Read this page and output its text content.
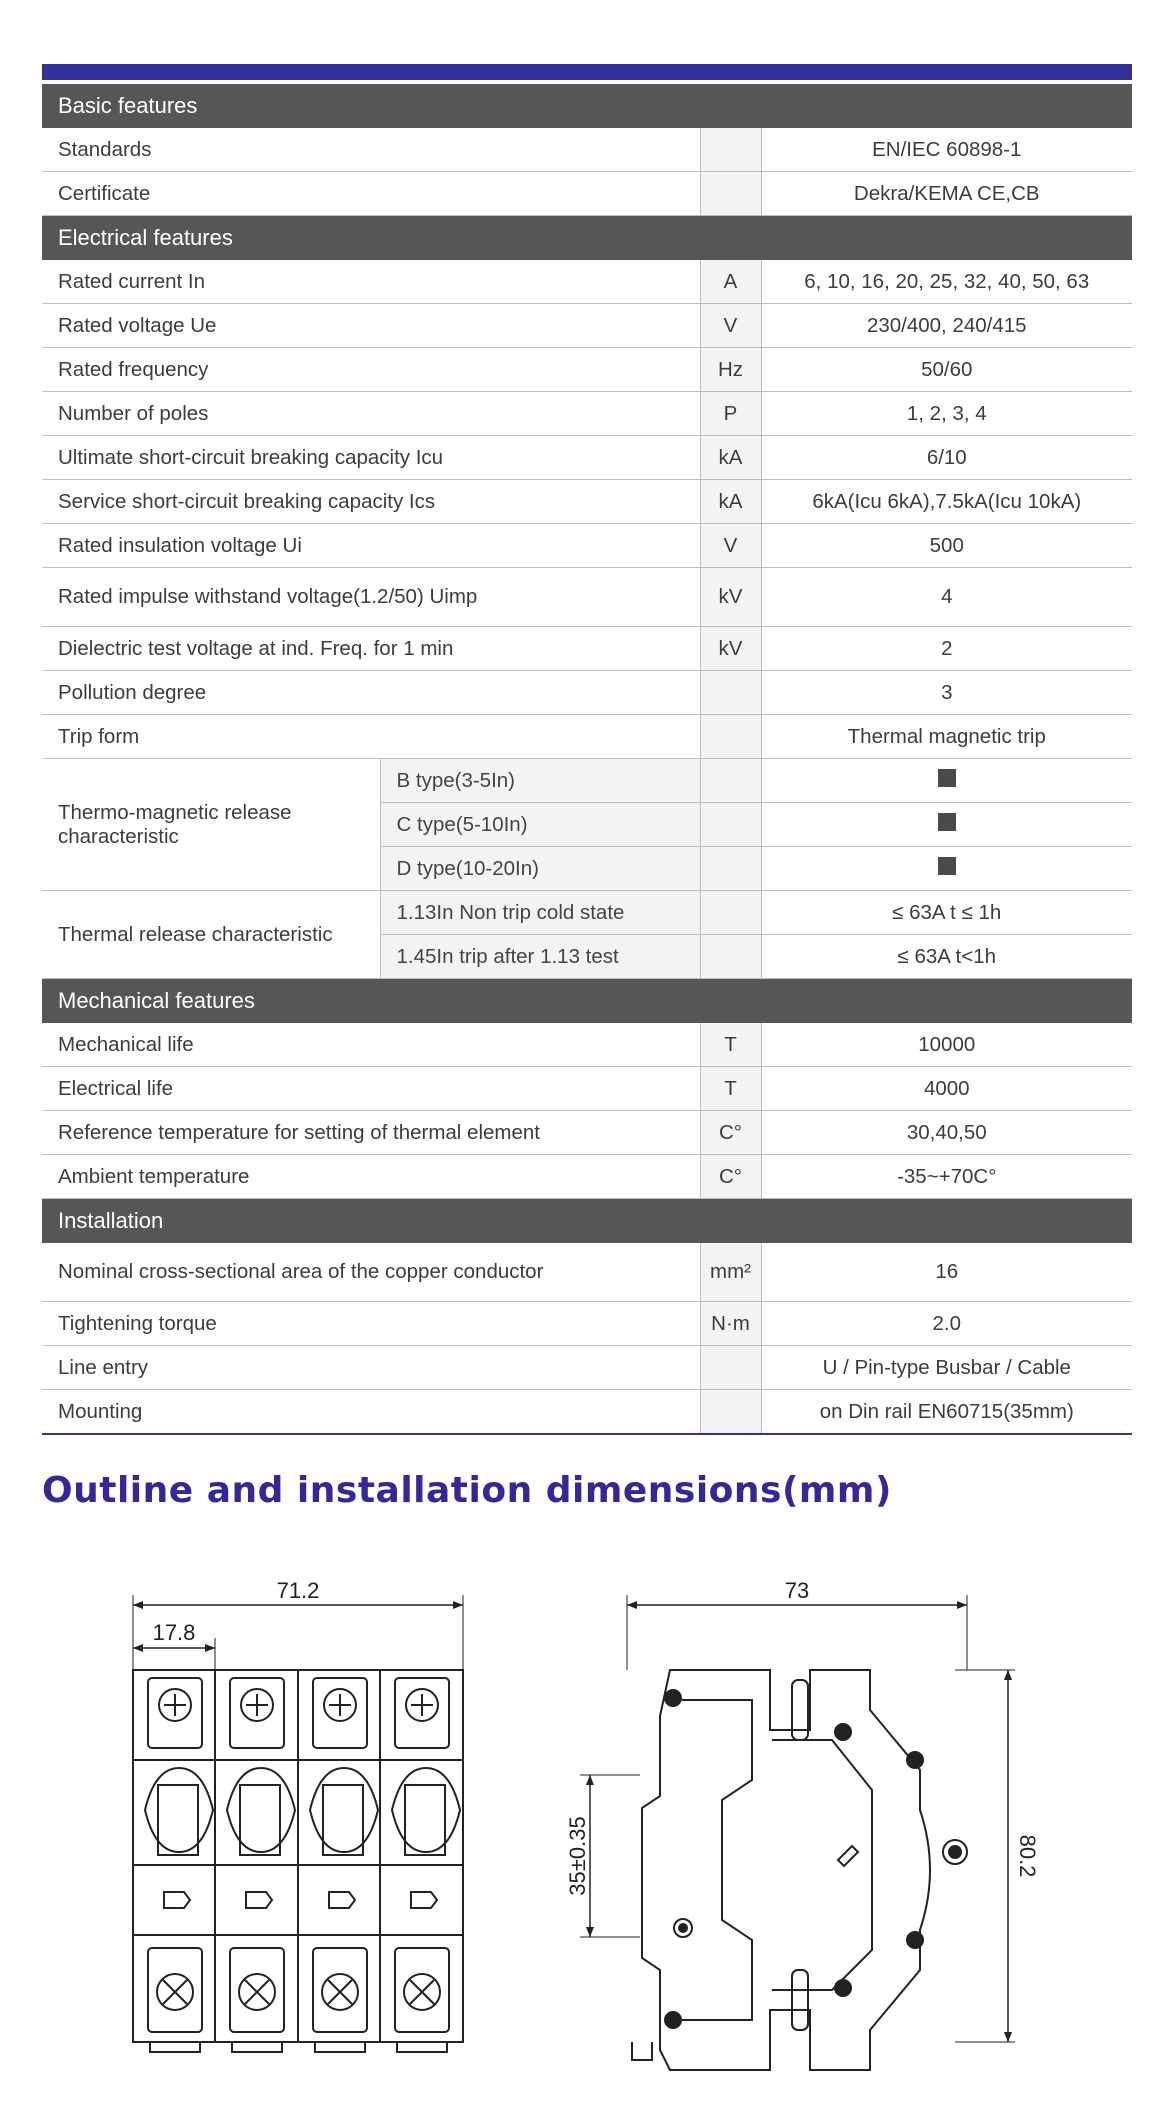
Basic features			
Standards			EN/IEC 60898-1
Certificate			Dekra/KEMA CE,CB
Electrical features			
Rated current In		A	6, 10, 16, 20, 25, 32, 40, 50, 63
Rated voltage Ue		V	230/400, 240/415
Rated frequency		Hz	50/60
Number of poles		P	1, 2, 3, 4
Ultimate short-circuit breaking capacity Icu		kA	6/10
Service short-circuit breaking capacity Ics		kA	6kA(Icu 6kA),7.5kA(Icu 10kA)
Rated insulation voltage Ui		V	500
Rated impulse withstand voltage(1.2/50) Uimp		kV	4
Dielectric test voltage at ind. Freq. for 1 min		kV	2
Pollution degree			3
Trip form			Thermal magnetic trip
Thermo-magnetic release characteristic	B type(3-5In)		
	C type(5-10In)		
	D type(10-20In)		
Thermal release characteristic	1.13In Non trip cold state		≤ 63A t ≤ 1h
	1.45In trip after 1.13 test		≤ 63A t<1h
Mechanical features			
Mechanical life		T	10000
Electrical life		T	4000
Reference temperature for setting of thermal element		C°	30,40,50
Ambient temperature		C°	-35~+70C°
Installation			
Nominal cross-sectional area of the copper conductor		mm²	16
Tightening torque		N·m	2.0
Line entry			U / Pin-type Busbar / Cable
Mounting			on Din rail EN60715(35mm)
Outline and installation dimensions(mm)
71.2
17.8
73
35±0.35	80.2
